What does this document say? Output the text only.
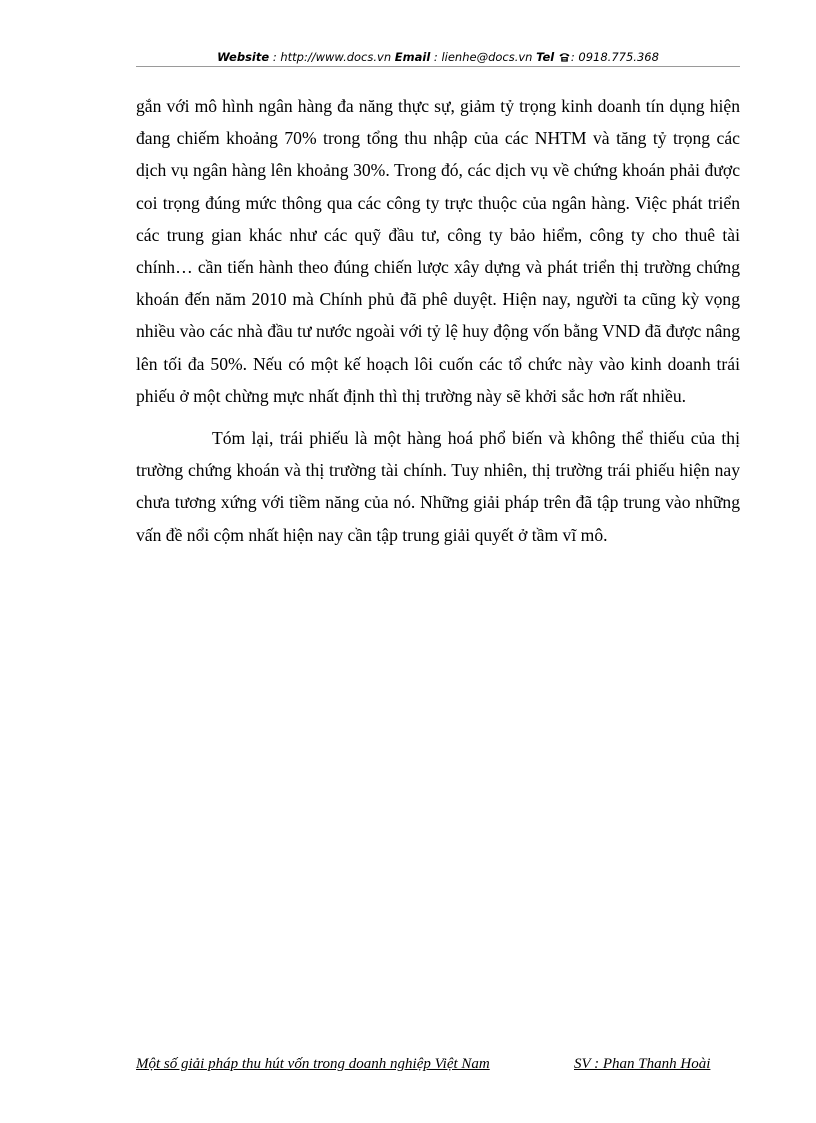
Website : http://www.docs.vn Email : lienhe@docs.vn Tel : 0918.775.368

gắn với mô hình ngân hàng đa năng thực sự, giảm tỷ trọng kinh doanh tín dụng hiện đang chiếm khoảng 70% trong tổng thu nhập của các NHTM và tăng tỷ trọng các dịch vụ ngân hàng lên khoảng 30%. Trong đó, các dịch vụ về chứng khoán phải được coi trọng đúng mức thông qua các công ty trực thuộc của ngân hàng. Việc phát triển các trung gian khác như các quỹ đầu tư, công ty bảo hiểm, công ty cho thuê tài chính… cần tiến hành theo đúng chiến lược xây dựng và phát triển thị trường chứng khoán đến năm 2010 mà Chính phủ đã phê duyệt. Hiện nay, người ta cũng kỳ vọng nhiều vào các nhà đầu tư nước ngoài với tỷ lệ huy động vốn bằng VND đã được nâng lên tối đa 50%. Nếu có một kế hoạch lôi cuốn các tổ chức này vào kinh doanh trái phiếu ở một chừng mực nhất định thì thị trường này sẽ khởi sắc hơn rất nhiều.

Tóm lại, trái phiếu là một hàng hoá phổ biến và không thể thiếu của thị trường chứng khoán và thị trường tài chính. Tuy nhiên, thị trường trái phiếu hiện nay chưa tương xứng với tiềm năng của nó. Những giải pháp trên đã tập trung vào những vấn đề nổi cộm nhất hiện nay cần tập trung giải quyết ở tầm vĩ mô.

Một số giải pháp thu hút vốn trong doanh nghiệp Việt Nam	SV : Phan Thanh Hoài
